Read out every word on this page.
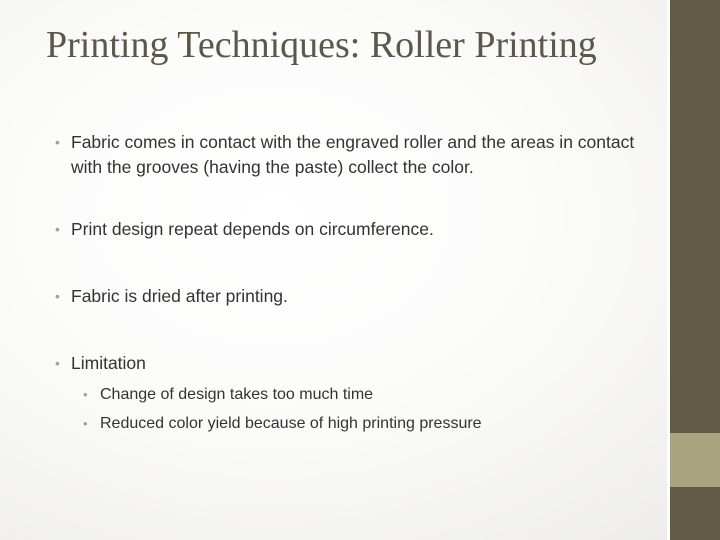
Printing Techniques: Roller Printing
• Fabric comes in contact with the engraved roller and the areas in contact with the grooves (having the paste) collect the color.
• Print design repeat depends on circumference.
• Fabric is dried after printing.
• Limitation
• Change of design takes too much time
• Reduced color yield because of high printing pressure
